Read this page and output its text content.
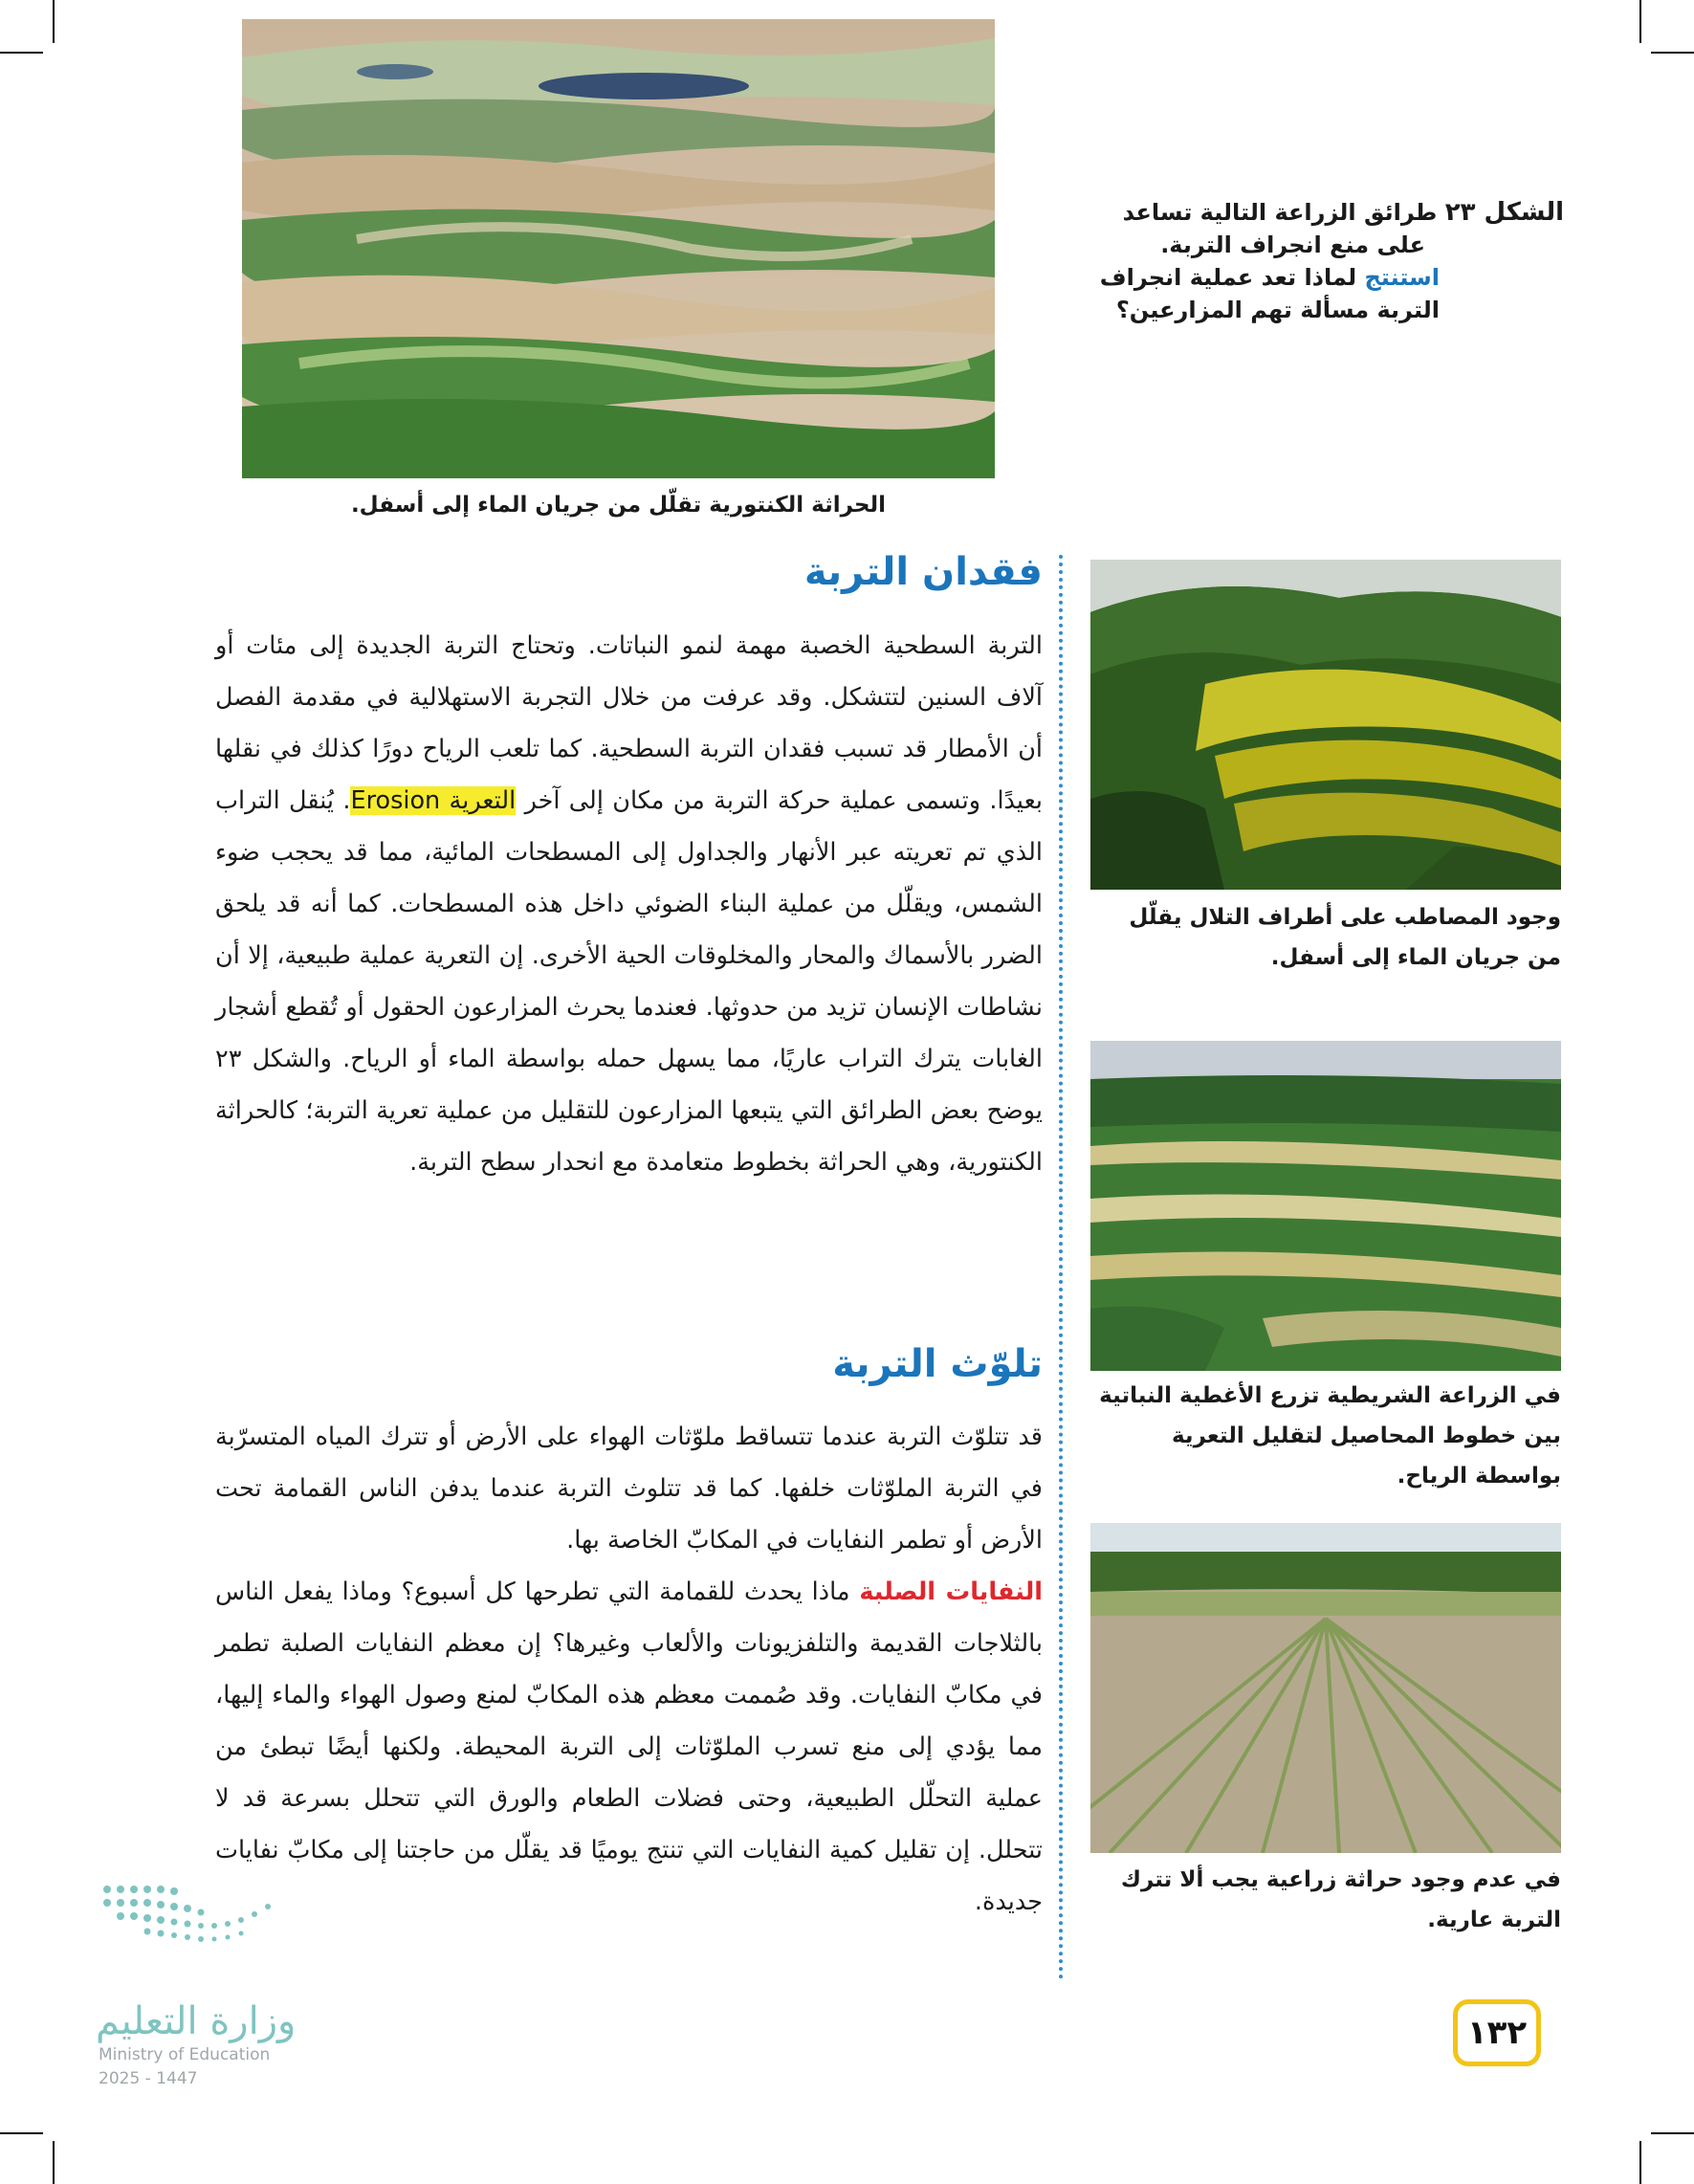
الشكل ٢٣ طرائق الزراعة التالية تساعد
على منع انجراف التربة.
استنتج لماذا تعد عملية انجراف
التربة مسألة تهم المزارعين؟
الحراثة الكنتورية تقلّل من جريان الماء إلى أسفل.
فقدان التربة
التربة السطحية الخصبة مهمة لنمو النباتات. وتحتاج التربة الجديدة إلى مئات أو آلاف السنين لتتشكل. وقد عرفت من خلال التجربة الاستهلالية في مقدمة الفصل أن الأمطار قد تسبب فقدان التربة السطحية. كما تلعب الرياح دورًا كذلك في نقلها بعيدًا. وتسمى عملية حركة التربة من مكان إلى آخر التعرية Erosion. يُنقل التراب الذي تم تعريته عبر الأنهار والجداول إلى المسطحات المائية، مما قد يحجب ضوء الشمس، ويقلّل من عملية البناء الضوئي داخل هذه المسطحات. كما أنه قد يلحق الضرر بالأسماك والمحار والمخلوقات الحية الأخرى. إن التعرية عملية طبيعية، إلا أن نشاطات الإنسان تزيد من حدوثها. فعندما يحرث المزارعون الحقول أو تُقطع أشجار الغابات يترك التراب عاريًا، مما يسهل حمله بواسطة الماء أو الرياح. والشكل ٢٣ يوضح بعض الطرائق التي يتبعها المزارعون للتقليل من عملية تعرية التربة؛ كالحراثة الكنتورية، وهي الحراثة بخطوط متعامدة مع انحدار سطح التربة.
تلوّث التربة
قد تتلوّث التربة عندما تتساقط ملوّثات الهواء على الأرض أو تترك المياه المتسرّبة في التربة الملوّثات خلفها. كما قد تتلوث التربة عندما يدفن الناس القمامة تحت الأرض أو تطمر النفايات في المكابّ الخاصة بها.
النفايات الصلبة ماذا يحدث للقمامة التي تطرحها كل أسبوع؟ وماذا يفعل الناس بالثلاجات القديمة والتلفزيونات والألعاب وغيرها؟ إن معظم النفايات الصلبة تطمر في مكابّ النفايات. وقد صُممت معظم هذه المكابّ لمنع وصول الهواء والماء إليها، مما يؤدي إلى منع تسرب الملوّثات إلى التربة المحيطة. ولكنها أيضًا تبطئ من عملية التحلّل الطبيعية، وحتى فضلات الطعام والورق التي تتحلل بسرعة قد لا تتحلل. إن تقليل كمية النفايات التي تنتج يوميًا قد يقلّل من حاجتنا إلى مكابّ نفايات جديدة.
وجود المصاطب على أطراف التلال يقلّل من جريان الماء إلى أسفل.
في الزراعة الشريطية تزرع الأغطية النباتية بين خطوط المحاصيل لتقليل التعرية بواسطة الرياح.
في عدم وجود حراثة زراعية يجب ألا تترك التربة عارية.
١٣٢
وزارة التعليم
Ministry of Education
2025 - 1447
